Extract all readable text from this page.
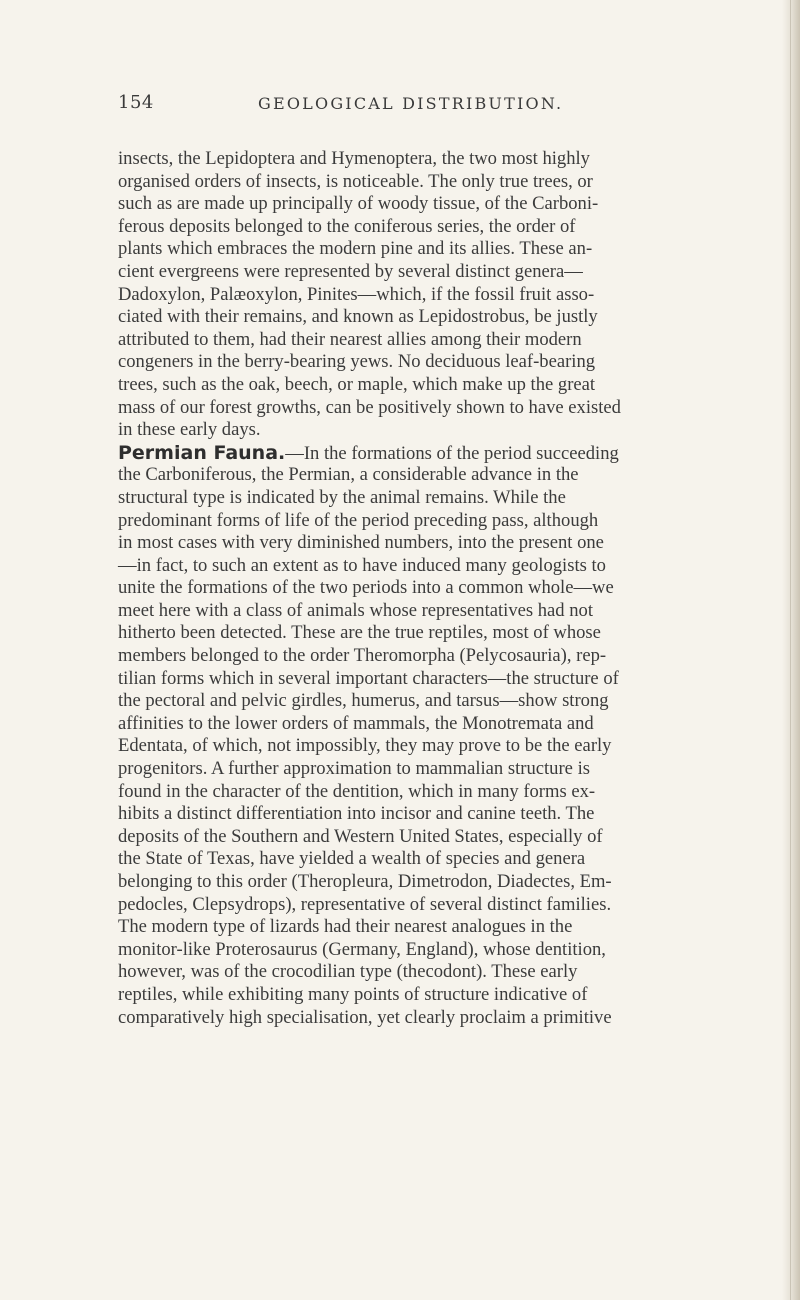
154	GEOLOGICAL DISTRIBUTION.
insects, the Lepidoptera and Hymenoptera, the two most highly
organised orders of insects, is noticeable. The only true trees, or
such as are made up principally of woody tissue, of the Carboni-
ferous deposits belonged to the coniferous series, the order of
plants which embraces the modern pine and its allies. These an-
cient evergreens were represented by several distinct genera—
Dadoxylon, Palæoxylon, Pinites—which, if the fossil fruit asso-
ciated with their remains, and known as Lepidostrobus, be justly
attributed to them, had their nearest allies among their modern
congeners in the berry-bearing yews. No deciduous leaf-bearing
trees, such as the oak, beech, or maple, which make up the great
mass of our forest growths, can be positively shown to have existed
in these early days.
Permian Fauna.—In the formations of the period succeeding
the Carboniferous, the Permian, a considerable advance in the
structural type is indicated by the animal remains. While the
predominant forms of life of the period preceding pass, although
in most cases with very diminished numbers, into the present one
—in fact, to such an extent as to have induced many geologists to
unite the formations of the two periods into a common whole—we
meet here with a class of animals whose representatives had not
hitherto been detected. These are the true reptiles, most of whose
members belonged to the order Theromorpha (Pelycosauria), rep-
tilian forms which in several important characters—the structure of
the pectoral and pelvic girdles, humerus, and tarsus—show strong
affinities to the lower orders of mammals, the Monotremata and
Edentata, of which, not impossibly, they may prove to be the early
progenitors. A further approximation to mammalian structure is
found in the character of the dentition, which in many forms ex-
hibits a distinct differentiation into incisor and canine teeth. The
deposits of the Southern and Western United States, especially of
the State of Texas, have yielded a wealth of species and genera
belonging to this order (Theropleura, Dimetrodon, Diadectes, Em-
pedocles, Clepsydrops), representative of several distinct families.
The modern type of lizards had their nearest analogues in the
monitor-like Proterosaurus (Germany, England), whose dentition,
however, was of the crocodilian type (thecodont). These early
reptiles, while exhibiting many points of structure indicative of
comparatively high specialisation, yet clearly proclaim a primitive
